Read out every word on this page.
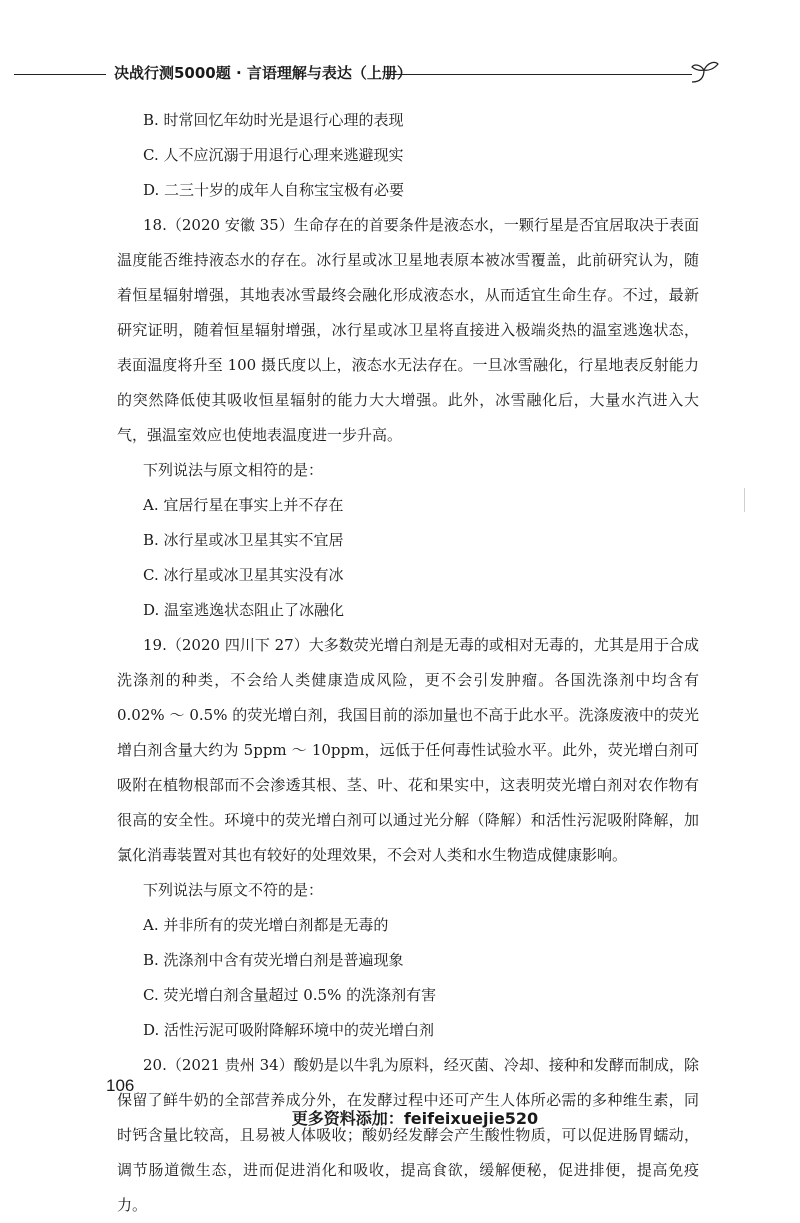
决战行测5000题 · 言语理解与表达（上册）

B. 时常回忆年幼时光是退行心理的表现

C. 人不应沉溺于用退行心理来逃避现实

D. 二三十岁的成年人自称宝宝极有必要

18.（2020 安徽 35）生命存在的首要条件是液态水，一颗行星是否宜居取决于表面温度能否维持液态水的存在。冰行星或冰卫星地表原本被冰雪覆盖，此前研究认为，随着恒星辐射增强，其地表冰雪最终会融化形成液态水，从而适宜生命生存。不过，最新研究证明，随着恒星辐射增强，冰行星或冰卫星将直接进入极端炎热的温室逃逸状态，表面温度将升至 100 摄氏度以上，液态水无法存在。一旦冰雪融化，行星地表反射能力的突然降低使其吸收恒星辐射的能力大大增强。此外，冰雪融化后，大量水汽进入大气，强温室效应也使地表温度进一步升高。

下列说法与原文相符的是：

A. 宜居行星在事实上并不存在

B. 冰行星或冰卫星其实不宜居

C. 冰行星或冰卫星其实没有冰

D. 温室逃逸状态阻止了冰融化

19.（2020 四川下 27）大多数荧光增白剂是无毒的或相对无毒的，尤其是用于合成洗涤剂的种类，不会给人类健康造成风险，更不会引发肿瘤。各国洗涤剂中均含有 0.02% ～ 0.5% 的荧光增白剂，我国目前的添加量也不高于此水平。洗涤废液中的荧光增白剂含量大约为 5ppm ～ 10ppm，远低于任何毒性试验水平。此外，荧光增白剂可吸附在植物根部而不会渗透其根、茎、叶、花和果实中，这表明荧光增白剂对农作物有很高的安全性。环境中的荧光增白剂可以通过光分解（降解）和活性污泥吸附降解，加氯化消毒装置对其也有较好的处理效果，不会对人类和水生物造成健康影响。

下列说法与原文不符的是：

A. 并非所有的荧光增白剂都是无毒的

B. 洗涤剂中含有荧光增白剂是普遍现象

C. 荧光增白剂含量超过 0.5% 的洗涤剂有害

D. 活性污泥可吸附降解环境中的荧光增白剂

20.（2021 贵州 34）酸奶是以牛乳为原料，经灭菌、冷却、接种和发酵而制成，除保留了鲜牛奶的全部营养成分外，在发酵过程中还可产生人体所必需的多种维生素，同时钙含量比较高，且易被人体吸收；酸奶经发酵会产生酸性物质，可以促进肠胃蠕动，调节肠道微生态，进而促进消化和吸收，提高食欲，缓解便秘，促进排便，提高免疫力。

106
更多资料添加：feifeixuejie520
